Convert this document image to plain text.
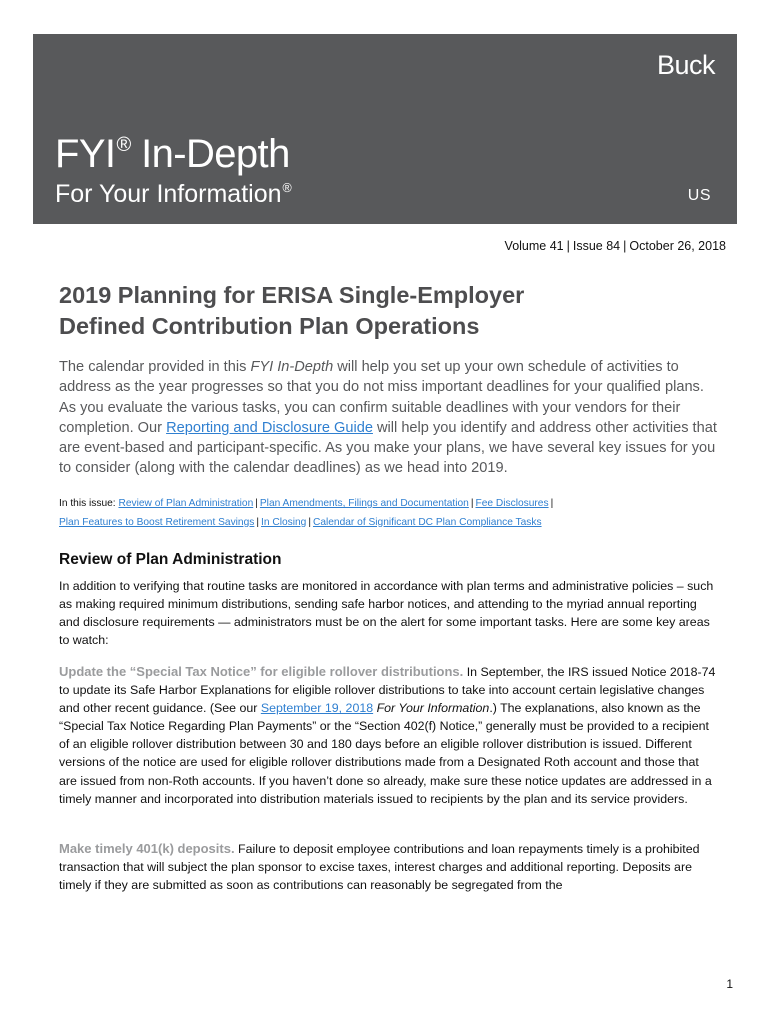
Buck
FYI® In-Depth
For Your Information®	US
Volume 41 | Issue 84 | October 26, 2018
2019 Planning for ERISA Single-Employer
Defined Contribution Plan Operations

The calendar provided in this FYI In-Depth will help you set up your own schedule of activities to address as the year progresses so that you do not miss important deadlines for your qualified plans. As you evaluate the various tasks, you can confirm suitable deadlines with your vendors for their completion. Our Reporting and Disclosure Guide will help you identify and address other activities that are event-based and participant-specific. As you make your plans, we have several key issues for you to consider (along with the calendar deadlines) as we head into 2019.

In this issue: Review of Plan Administration | Plan Amendments, Filings and Documentation | Fee Disclosures |
Plan Features to Boost Retirement Savings | In Closing | Calendar of Significant DC Plan Compliance Tasks
Review of Plan Administration

In addition to verifying that routine tasks are monitored in accordance with plan terms and administrative policies – such as making required minimum distributions, sending safe harbor notices, and attending to the myriad annual reporting and disclosure requirements — administrators must be on the alert for some important tasks. Here are some key areas to watch:

Update the “Special Tax Notice” for eligible rollover distributions. In September, the IRS issued Notice 2018-74 to update its Safe Harbor Explanations for eligible rollover distributions to take into account certain legislative changes and other recent guidance. (See our September 19, 2018 For Your Information.) The explanations, also known as the “Special Tax Notice Regarding Plan Payments” or the “Section 402(f) Notice,” generally must be provided to a recipient of an eligible rollover distribution between 30 and 180 days before an eligible rollover distribution is issued. Different versions of the notice are used for eligible rollover distributions made from a Designated Roth account and those that are issued from non-Roth accounts. If you haven’t done so already, make sure these notice updates are addressed in a timely manner and incorporated into distribution materials issued to recipients by the plan and its service providers.

Make timely 401(k) deposits. Failure to deposit employee contributions and loan repayments timely is a prohibited transaction that will subject the plan sponsor to excise taxes, interest charges and additional reporting. Deposits are timely if they are submitted as soon as contributions can reasonably be segregated from the

1
